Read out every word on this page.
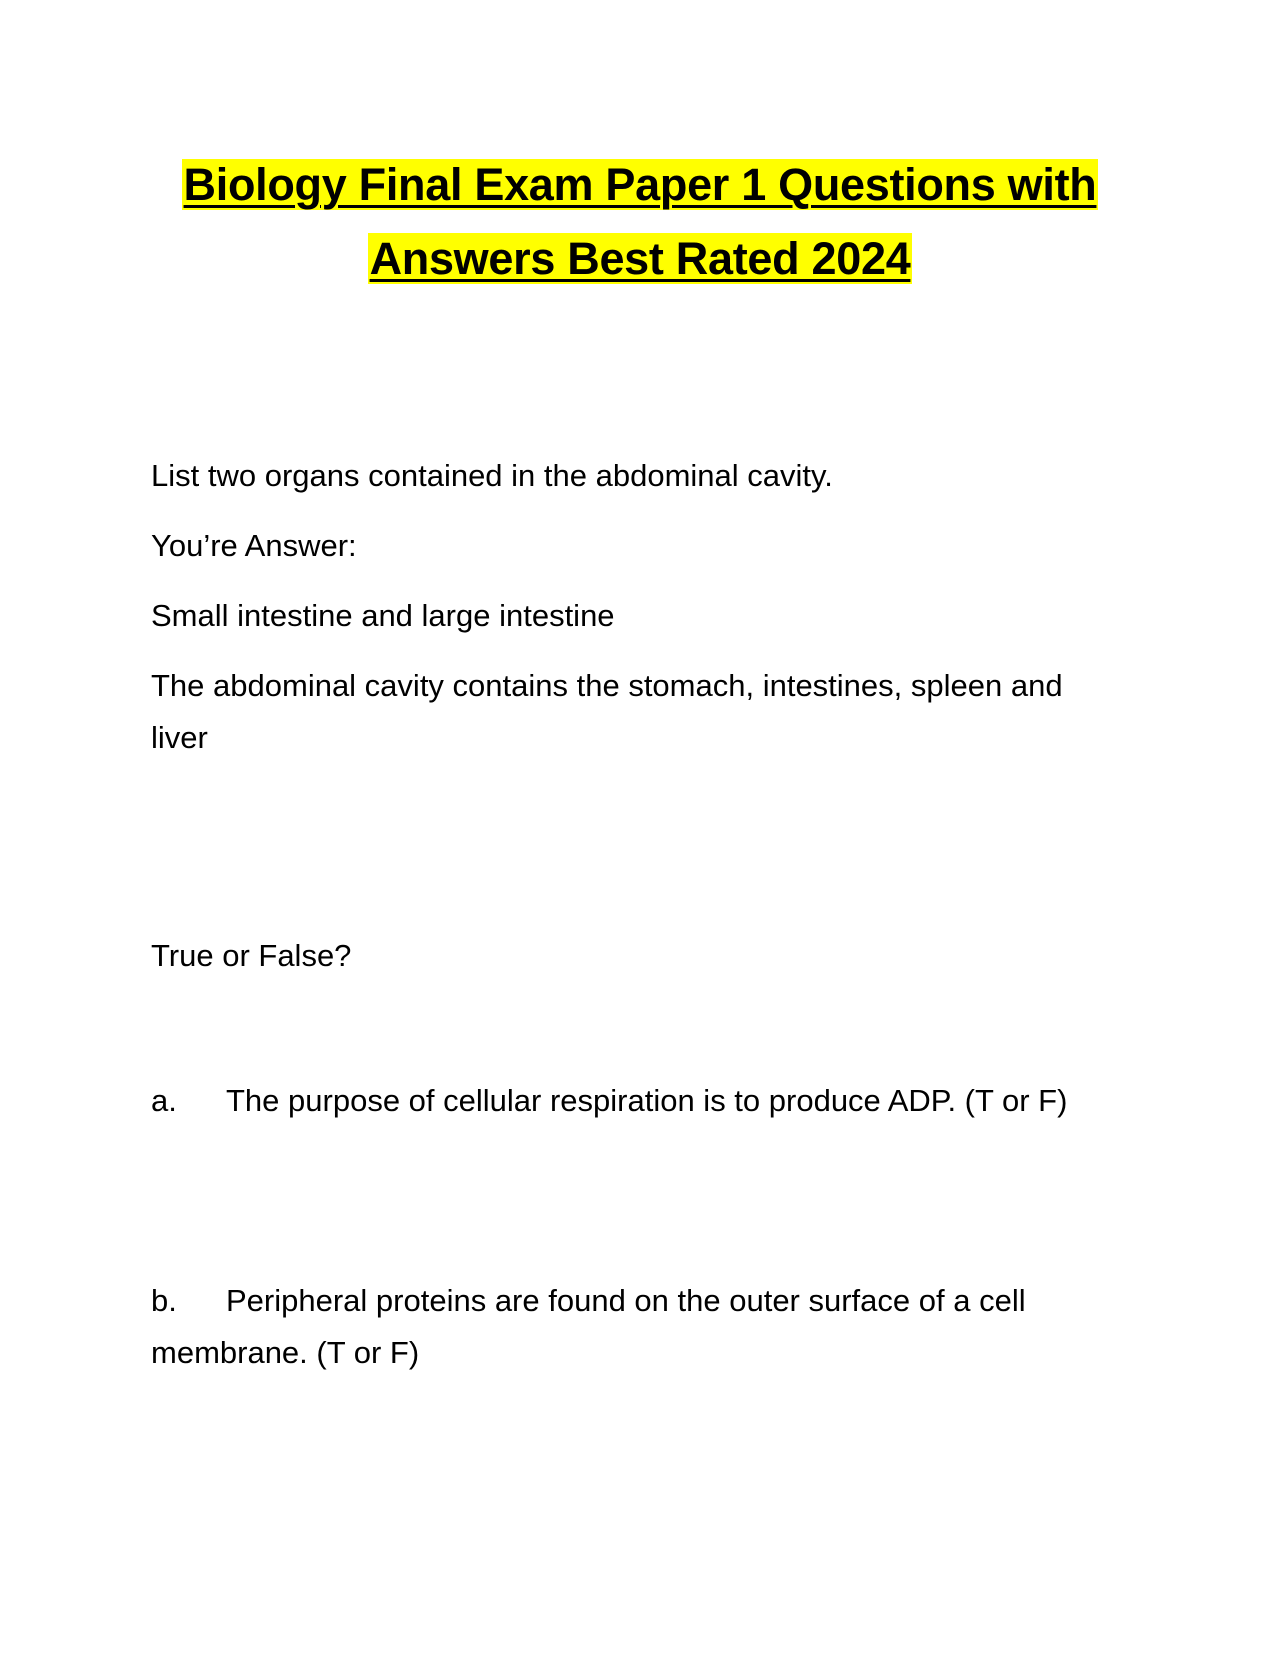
Biology Final Exam Paper 1 Questions with
Answers Best Rated 2024

List two organs contained in the abdominal cavity.

You’re Answer:

Small intestine and large intestine

The abdominal cavity contains the stomach, intestines, spleen and liver

True or False?

a. The purpose of cellular respiration is to produce ADP. (T or F)

b. Peripheral proteins are found on the outer surface of a cell membrane. (T or F)
